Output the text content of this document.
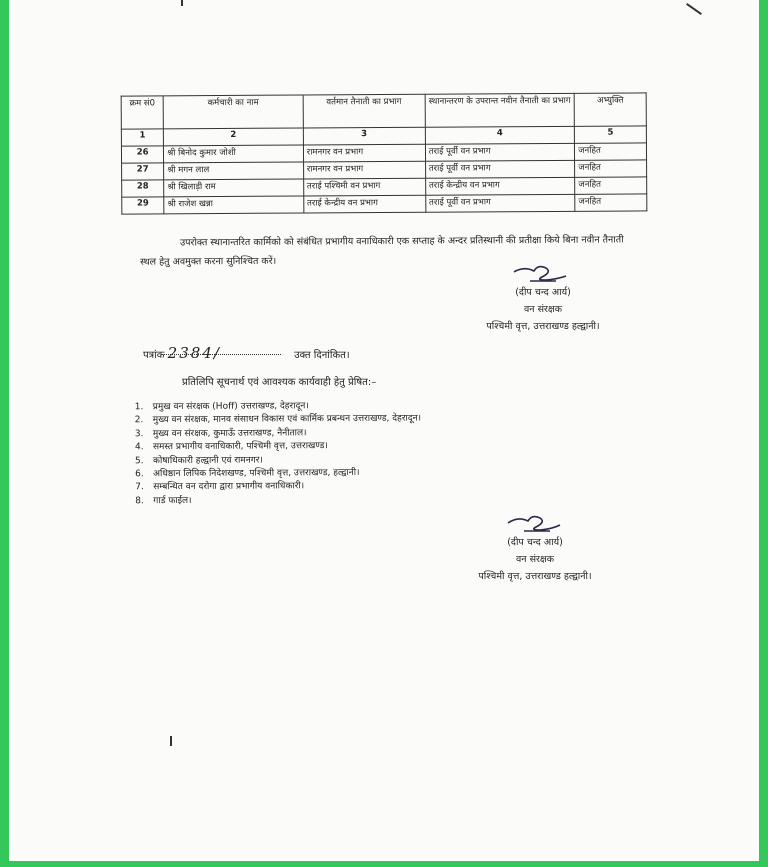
क्रम सं0	कर्मचारी का नाम	वर्तमान तैनाती का प्रभाग	स्थानान्तरण के उपरान्त नवीन तैनाती का प्रभाग	अभ्युक्ति
1	2	3	4	5
26	श्री बिनोद कुमार जोशी	रामनगर वन प्रभाग	तराई पूर्वी वन प्रभाग	जनहित
27	श्री मगन लाल	रामनगर वन प्रभाग	तराई पूर्वी वन प्रभाग	जनहित
28	श्री खिलाड़ी राम	तराई पश्चिमी वन प्रभाग	तराई केन्द्रीय वन प्रभाग	जनहित
29	श्री राजेश खन्ना	तराई केन्द्रीय वन प्रभाग	तराई पूर्वी वन प्रभाग	जनहित
उपरोक्त स्थानान्तरित कार्मिको को संबंधित प्रभागीय वनाधिकारी एक सप्ताह के अन्दर प्रतिस्थानी की प्रतीक्षा किये बिना नवीन तैनाती स्थल हेतु अवमुक्त करना सुनिश्चित करें।
(दीप चन्द आर्य)
वन संरक्षक
पश्चिमी वृत्त, उत्तराखण्ड हल्द्वानी।
पत्रांक 2384/	उक्त दिनांकित।
प्रतिलिपि सूचनार्थ एवं आवश्यक कार्यवाही हेतु प्रेषित:–
1. प्रमुख वन संरक्षक (Hoff) उत्तराखण्ड, देहरादून।
2. मुख्य वन संरक्षक, मानव संसाधन विकास एवं कार्मिक प्रबन्धन उत्तराखण्ड, देहरादून।
3. मुख्य वन संरक्षक, कुमाऊँ उत्तराखण्ड, नैनीताल।
4. समस्त प्रभागीय वनाधिकारी, पश्चिमी वृत्त, उत्तराखण्ड।
5. कोषाधिकारी हल्द्वानी एवं रामनगर।
6. अधिष्ठान लिपिक निदेशखण्ड, पश्चिमी वृत्त, उत्तराखण्ड, हल्द्वानी।
7. सम्बन्धित वन दरोगा द्वारा प्रभागीय वनाधिकारी।
8. गार्ड फाईल।
(दीप चन्द आर्य)
वन संरक्षक
पश्चिमी वृत्त, उत्तराखण्ड हल्द्वानी।
